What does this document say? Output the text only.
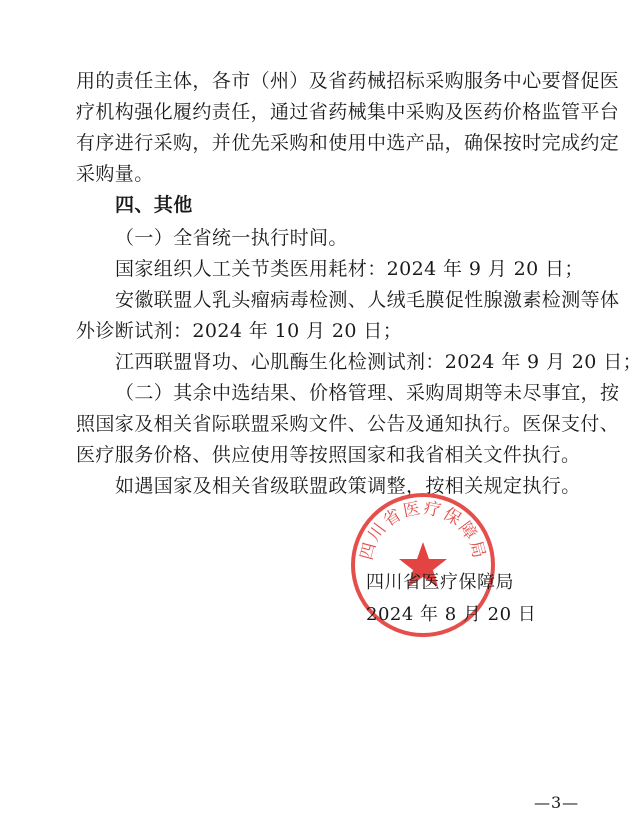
用的责任主体，各市（州）及省药械招标采购服务中心要督促医
疗机构强化履约责任，通过省药械集中采购及医药价格监管平台
有序进行采购，并优先采购和使用中选产品，确保按时完成约定
采购量。
四、其他
（一）全省统一执行时间。
国家组织人工关节类医用耗材：2024 年 9 月 20 日；
安徽联盟人乳头瘤病毒检测、人绒毛膜促性腺激素检测等体
外诊断试剂：2024 年 10 月 20 日；
江西联盟肾功、心肌酶生化检测试剂：2024 年 9 月 20 日；
（二）其余中选结果、价格管理、采购周期等未尽事宜，按
照国家及相关省际联盟采购文件、公告及通知执行。医保支付、
医疗服务价格、供应使用等按照国家和我省相关文件执行。
如遇国家及相关省级联盟政策调整，按相关规定执行。
四川省医疗保障局
四川省医疗保障局
2024 年 8 月 20 日
—3—
